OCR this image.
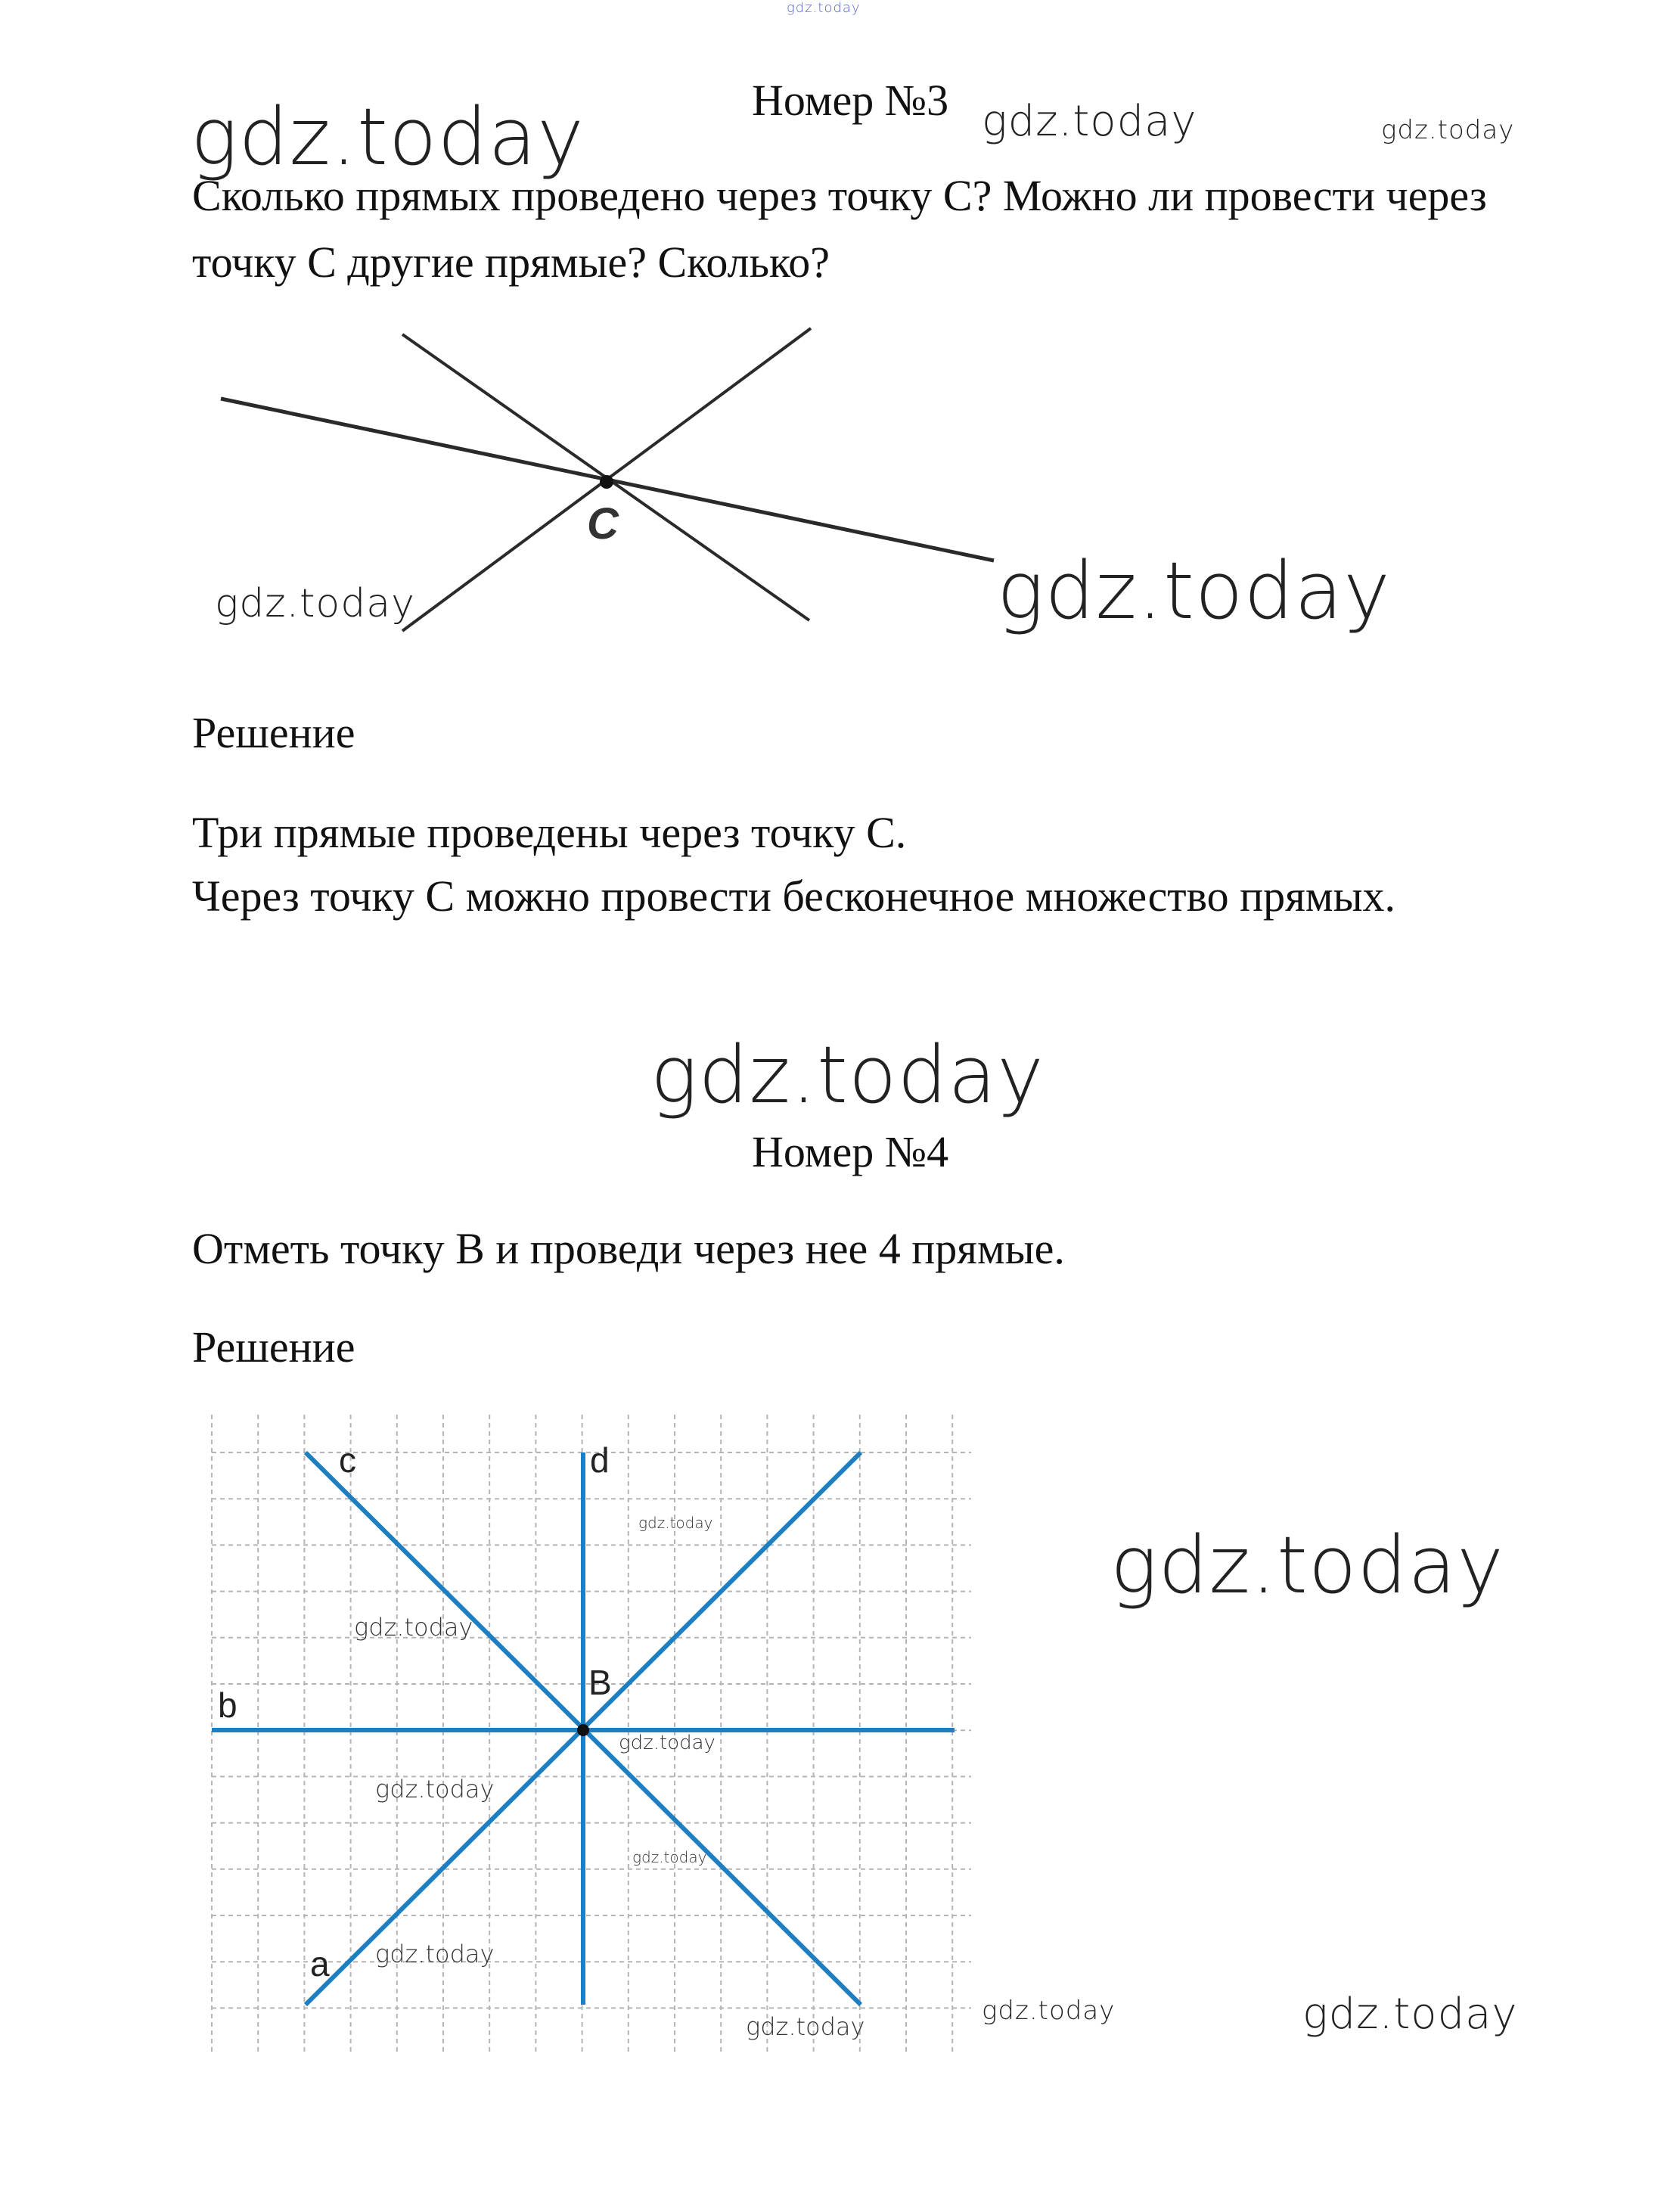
gdz.today
gdz.today	gdz.today	gdz.today
Номер №3
Сколько прямых проведено через точку С? Можно ли провести через
точку С другие прямые? Сколько?
C
gdz.today	gdz.today
Решение
Три прямые проведены через точку С.
Через точку С можно провести бесконечное множество прямых.
gdz.today
Номер №4
Отметь точку В и проведи через нее 4 прямые.
Решение
c	d
b
a
B
gdz.today
gdz.today
gdz.today
gdz.today
gdz.today
gdz.today
gdz.today
gdz.today
gdz.today	gdz.today
